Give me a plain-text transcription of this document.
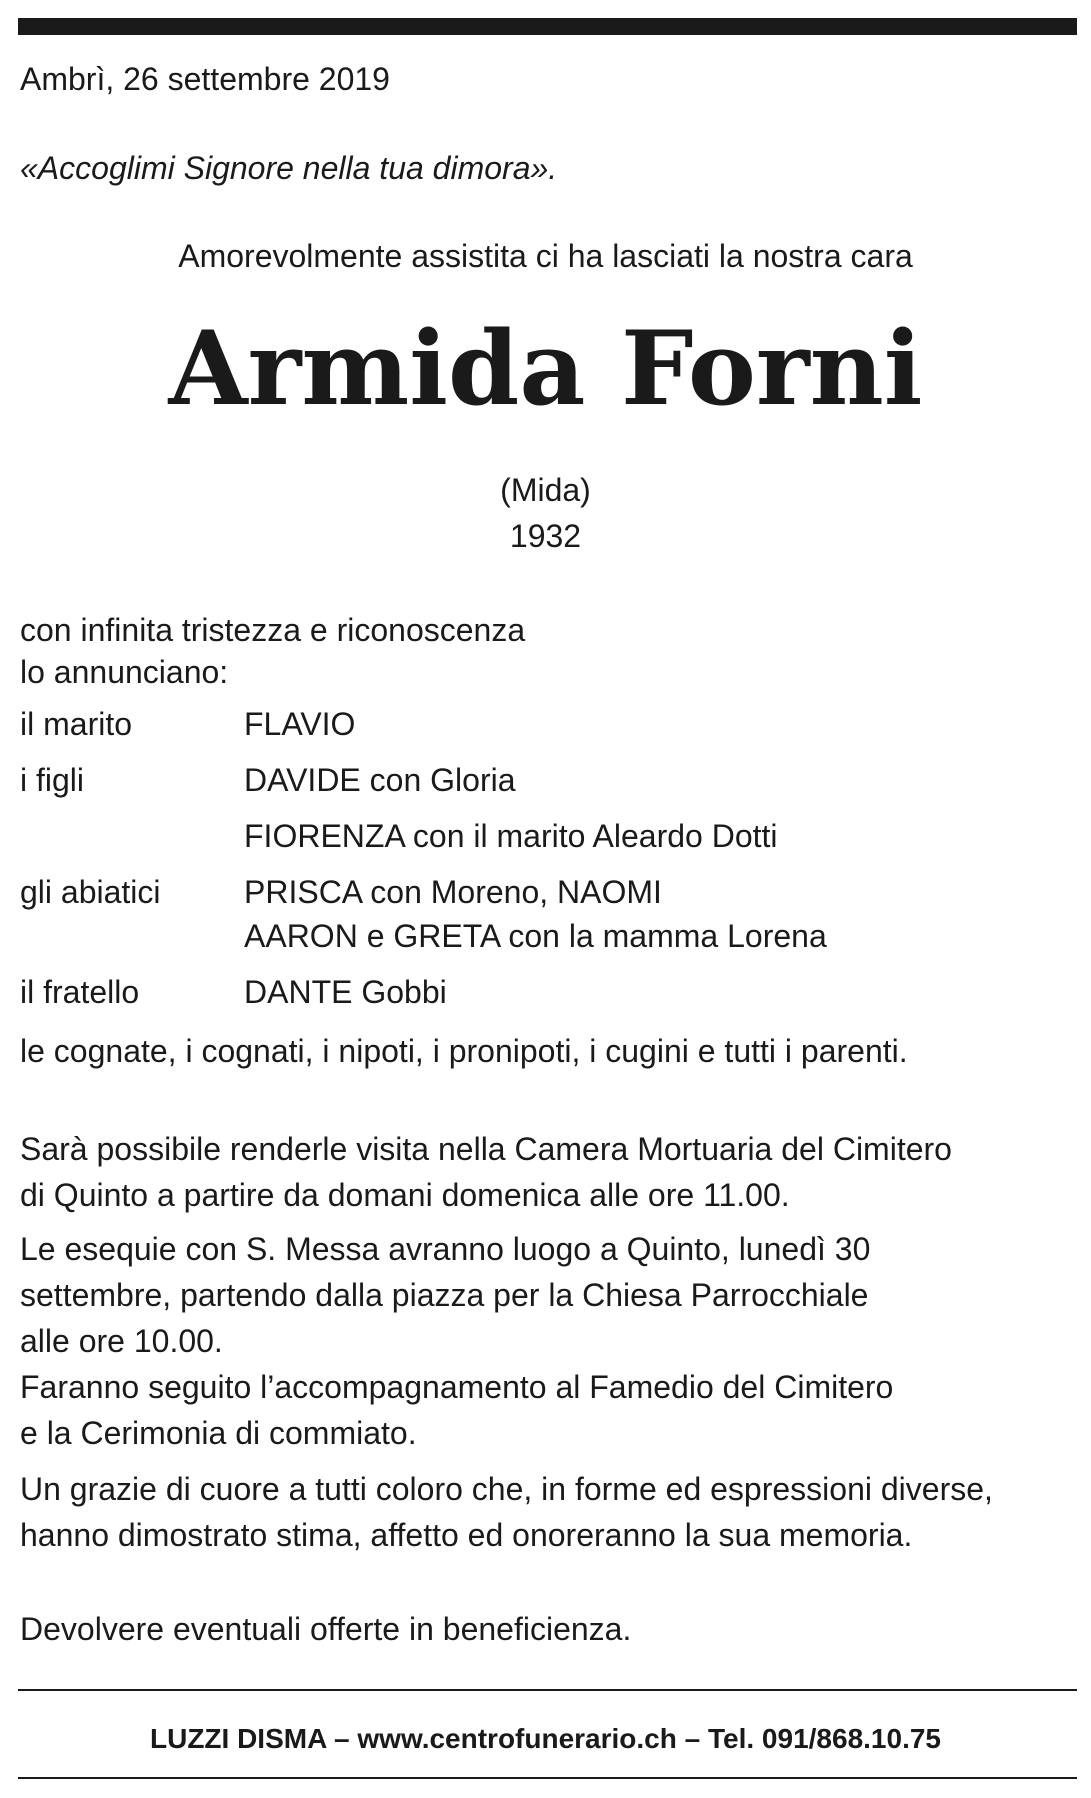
Ambrì, 26 settembre 2019
«Accoglimi Signore nella tua dimora».
Amorevolmente assistita ci ha lasciati la nostra cara
Armida Forni
(Mida)
1932
con infinita tristezza e riconoscenza
lo annunciano:
il marito	FLAVIO
i figli	DAVIDE con Gloria
FIORENZA con il marito Aleardo Dotti
gli abiatici	PRISCA con Moreno, NAOMI
AARON e GRETA con la mamma Lorena
il fratello	DANTE Gobbi
le cognate, i cognati, i nipoti, i pronipoti, i cugini e tutti i parenti.
Sarà possibile renderle visita nella Camera Mortuaria del Cimitero
di Quinto a partire da domani domenica alle ore 11.00.
Le esequie con S. Messa avranno luogo a Quinto, lunedì 30
settembre, partendo dalla piazza per la Chiesa Parrocchiale
alle ore 10.00.
Faranno seguito l’accompagnamento al Famedio del Cimitero
e la Cerimonia di commiato.
Un grazie di cuore a tutti coloro che, in forme ed espressioni diverse,
hanno dimostrato stima, affetto ed onoreranno la sua memoria.
Devolvere eventuali offerte in beneficienza.
LUZZI DISMA – www.centrofunerario.ch – Tel. 091/868.10.75
